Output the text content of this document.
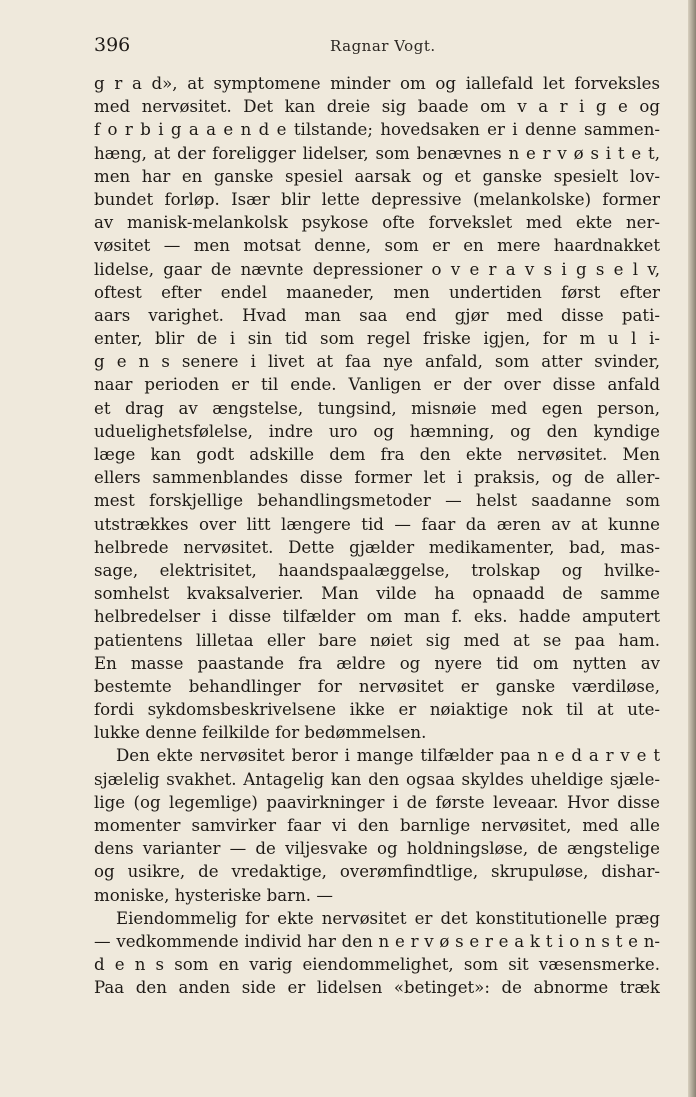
396	Ragnar Vogt.
g r a d», at symptomene minder om og iallefald let forveksles
med nervøsitet. Det kan dreie sig baade om v a r i g e og
f o r b i g a a e n d e tilstande; hovedsaken er i denne sammen-
hæng, at der foreligger lidelser, som benævnes n e r v ø s i t e t,
men har en ganske spesiel aarsak og et ganske spesielt lov-
bundet forløp. Især blir lette depressive (melankolske) former
av manisk-melankolsk psykose ofte forvekslet med ekte ner-
vøsitet — men motsat denne, som er en mere haardnakket
lidelse, gaar de nævnte depressioner o v e r a v s i g s e l v,
oftest efter endel maaneder, men undertiden først efter
aars varighet. Hvad man saa end gjør med disse pati-
enter, blir de i sin tid som regel friske igjen, for m u l i-
g e n s senere i livet at faa nye anfald, som atter svinder,
naar perioden er til ende. Vanligen er der over disse anfald
et drag av ængstelse, tungsind, misnøie med egen person,
uduelighetsfølelse, indre uro og hæmning, og den kyndige
læge kan godt adskille dem fra den ekte nervøsitet. Men
ellers sammenblandes disse former let i praksis, og de aller-
mest forskjellige behandlingsmetoder — helst saadanne som
utstrækkes over litt længere tid — faar da æren av at kunne
helbrede nervøsitet. Dette gjælder medikamenter, bad, mas-
sage, elektrisitet, haandspaalæggelse, trolskap og hvilke-
somhelst kvaksalverier. Man vilde ha opnaadd de samme
helbredelser i disse tilfælder om man f. eks. hadde amputert
patientens lilletaa eller bare nøiet sig med at se paa ham.
En masse paastande fra ældre og nyere tid om nytten av
bestemte behandlinger for nervøsitet er ganske værdiløse,
fordi sykdomsbeskrivelsene ikke er nøiaktige nok til at ute-
lukke denne feilkilde for bedømmelsen.
Den ekte nervøsitet beror i mange tilfælder paa n e d a r v e t
sjælelig svakhet. Antagelig kan den ogsaa skyldes uheldige sjæle-
lige (og legemlige) paavirkninger i de første leveaar. Hvor disse
momenter samvirker faar vi den barnlige nervøsitet, med alle
dens varianter — de viljesvake og holdningsløse, de ængstelige
og usikre, de vredaktige, overømfindtlige, skrupuløse, dishar-
moniske, hysteriske barn. —
Eiendommelig for ekte nervøsitet er det konstitutionelle præg
— vedkommende individ har den n e r v ø s e r e a k t i o n s t e n-
d e n s som en varig eiendommelighet, som sit væsensmerke.
Paa den anden side er lidelsen «betinget»: de abnorme træk
